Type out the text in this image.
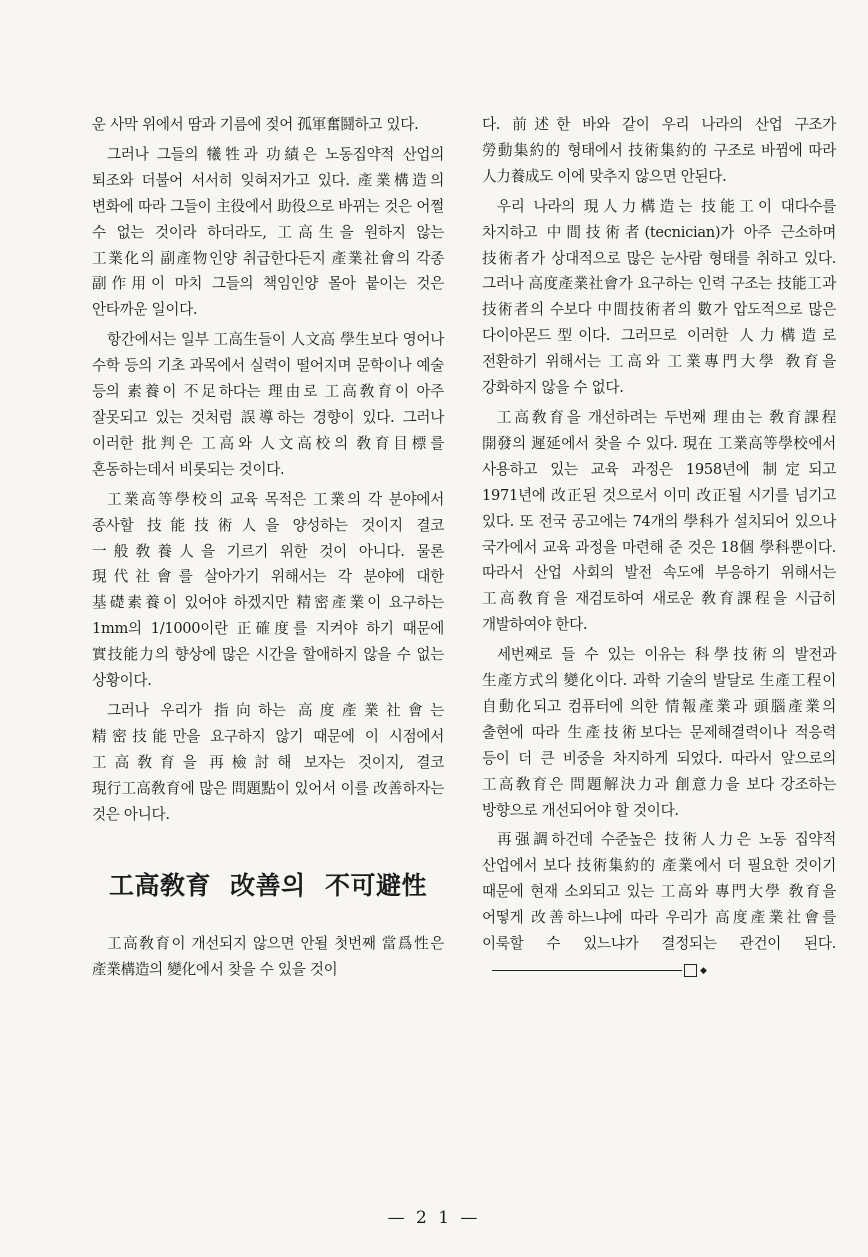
운 사막 위에서 땀과 기름에 젖어 孤軍奮鬪하고 있다.

그러나 그들의 犧牲과 功績은 노동집약적 산업의 퇴조와 더불어 서서히 잊혀저가고 있다. 產業構造의 변화에 따라 그들이 主役에서 助役으로 바뀌는 것은 어쩔 수 없는 것이라 하더라도, 工高生을 원하지 않는 工業化의 副產物인양 취급한다든지 產業社會의 각종 副作用이 마치 그들의 책임인양 몰아 붙이는 것은 안타까운 일이다.

항간에서는 일부 工高生들이 人文高 學生보다 영어나 수학 등의 기초 과목에서 실력이 떨어지며 문학이나 예술 등의 素養이 不足하다는 理由로 工高敎育이 아주 잘못되고 있는 것처럼 誤導하는 경향이 있다. 그러나 이러한 批判은 工高와 人文高校의 敎育目標를 혼동하는데서 비롯되는 것이다.

工業高等學校의 교육 목적은 工業의 각 분야에서 종사할 技能技術人을 양성하는 것이지 결코 一般敎養人을 기르기 위한 것이 아니다. 물론 現代社會를 살아가기 위해서는 각 분야에 대한 基礎素養이 있어야 하겠지만 精密產業이 요구하는 1mm의 1/1000이란 正確度를 지켜야 하기 때문에 實技能力의 향상에 많은 시간을 할애하지 않을 수 없는 상황이다.

그러나 우리가 指向하는 高度產業社會는 精密技能만을 요구하지 않기 때문에 이 시점에서 工高敎育을 再檢討해 보자는 것이지, 결코 現行工高敎育에 많은 問題點이 있어서 이를 改善하자는 것은 아니다.

工高敎育 改善의 不可避性

工高敎育이 개선되지 않으면 안될 첫번째 當爲性은 產業構造의 變化에서 찾을 수 있을 것이

다. 前述한 바와 같이 우리 나라의 산업 구조가 勞動集約的 형태에서 技術集約的 구조로 바뀜에 따라 人力養成도 이에 맞추지 않으면 안된다.

우리 나라의 現人力構造는 技能工이 대다수를 차지하고 中間技術者(tecnician)가 아주 근소하며 技術者가 상대적으로 많은 눈사람 형태를 취하고 있다. 그러나 高度產業社會가 요구하는 인력 구조는 技能工과 技術者의 수보다 中間技術者의 數가 압도적으로 많은 다이아몬드型이다. 그러므로 이러한 人力構造로 전환하기 위해서는 工高와 工業專門大學 敎育을 강화하지 않을 수 없다.

工高敎育을 개선하려는 두번째 理由는 敎育課程 開發의 遲延에서 찾을 수 있다. 現在 工業高等學校에서 사용하고 있는 교육 과정은 1958년에 制定되고 1971년에 改正된 것으로서 이미 改正될 시기를 넘기고 있다. 또 전국 공고에는 74개의 學科가 설치되어 있으나 국가에서 교육 과정을 마련해 준 것은 18個 學科뿐이다. 따라서 산업 사회의 발전 속도에 부응하기 위해서는 工高敎育을 재검토하여 새로운 敎育課程을 시급히 개발하여야 한다.

세번째로 들 수 있는 이유는 科學技術의 발전과 生產方式의 變化이다. 과학 기술의 발달로 生產工程이 自動化되고 컴퓨터에 의한 情報產業과 頭腦產業의 출현에 따라 生產技術보다는 문제해결력이나 적응력 등이 더 큰 비중을 차지하게 되었다. 따라서 앞으로의 工高敎育은 問題解決力과 創意力을 보다 강조하는 방향으로 개선되어야 할 것이다.

再强調하건데 수준높은 技術人力은 노동 집약적 산업에서 보다 技術集約的 產業에서 더 필요한 것이기 때문에 현재 소외되고 있는 工高와 專門大學 敎育을 어떻게 改善하느냐에 따라 우리가 高度產業社會를 이룩할 수 있느냐가 결정되는 관건이 된다.◆

— 2 1 —
